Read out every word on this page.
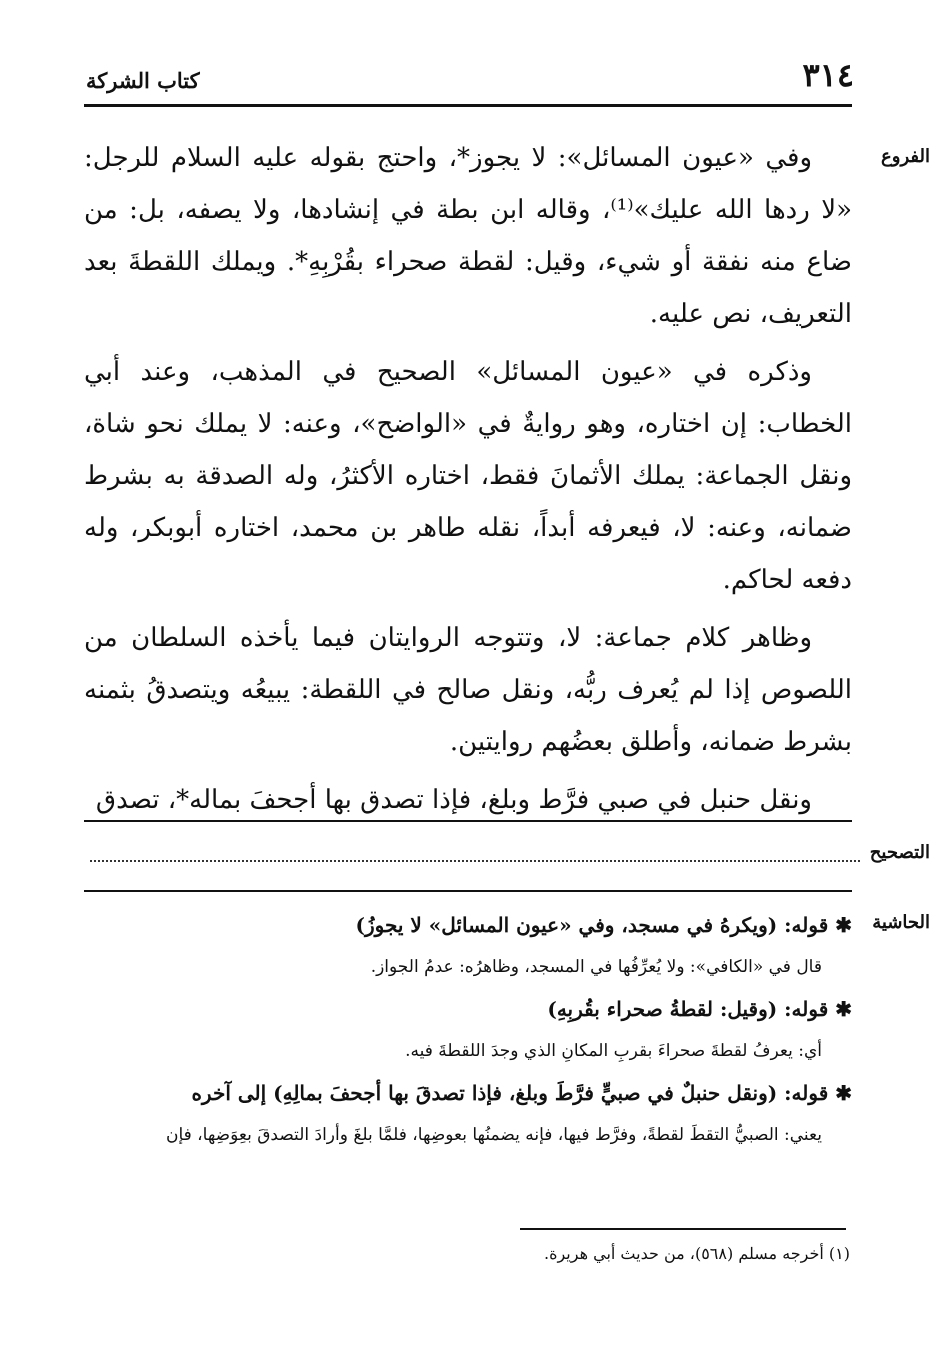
٣١٤
كتاب الشركة
الفروع

وفي «عيون المسائل»: لا يجوز*، واحتج بقوله عليه السلام للرجل: «لا ردها الله عليك»⁽¹⁾، وقاله ابن بطة في إنشادها، ولا يصفه، بل: من ضاع منه نفقة أو شيء، وقيل: لقطة صحراء بقُرْبِهِ*. ويملك اللقطةَ بعد التعريف، نص عليه.

وذكره في «عيون المسائل» الصحيح في المذهب، وعند أبي الخطاب: إن اختاره، وهو روايةٌ في «الواضح»، وعنه: لا يملك نحو شاة، ونقل الجماعة: يملك الأثمانَ فقط، اختاره الأكثرُ، وله الصدقة به بشرط ضمانه، وعنه: لا، فيعرفه أبداً، نقله طاهر بن محمد، اختاره أبوبكر، وله دفعه لحاكم.

وظاهر كلام جماعة: لا، وتتوجه الروايتان فيما يأخذه السلطان من اللصوص إذا لم يُعرف ربُّه، ونقل صالح في اللقطة: يبيعُه ويتصدقُ بثمنه بشرط ضمانه، وأطلق بعضُهم روايتين.

ونقل حنبل في صبي فرَّط وبلغ، فإذا تصدق بها أجحفَ بماله*، تصدق

التصحيح
الحاشية
✱ قوله: (ويكرهُ في مسجد، وفي «عيون المسائل» لا يجوزُ)
قال في «الكافي»: ولا يُعرِّفُها في المسجد، وظاهرُه: عدمُ الجواز.
✱ قوله: (وقيل: لقطةُ صحراء بقُربِهِ)
أي: يعرفُ لقطةَ صحراءَ بقربِ المكانِ الذي وجدَ اللقطةَ فيه.
✱ قوله: (ونقل حنبلٌ في صبيٍّ فرَّطَ وبلغ، فإذا تصدقَ بها أجحفَ بمالِهِ) إلى آخره
يعني: الصبيُّ التقطَ لقطةً، وفرَّط فيها، فإنه يضمنُها بعوضِها، فلمَّا بلغَ وأرادَ التصدقَ بعِوَضِها، فإن
(١) أخرجه مسلم (٥٦٨)، من حديث أبي هريرة.
